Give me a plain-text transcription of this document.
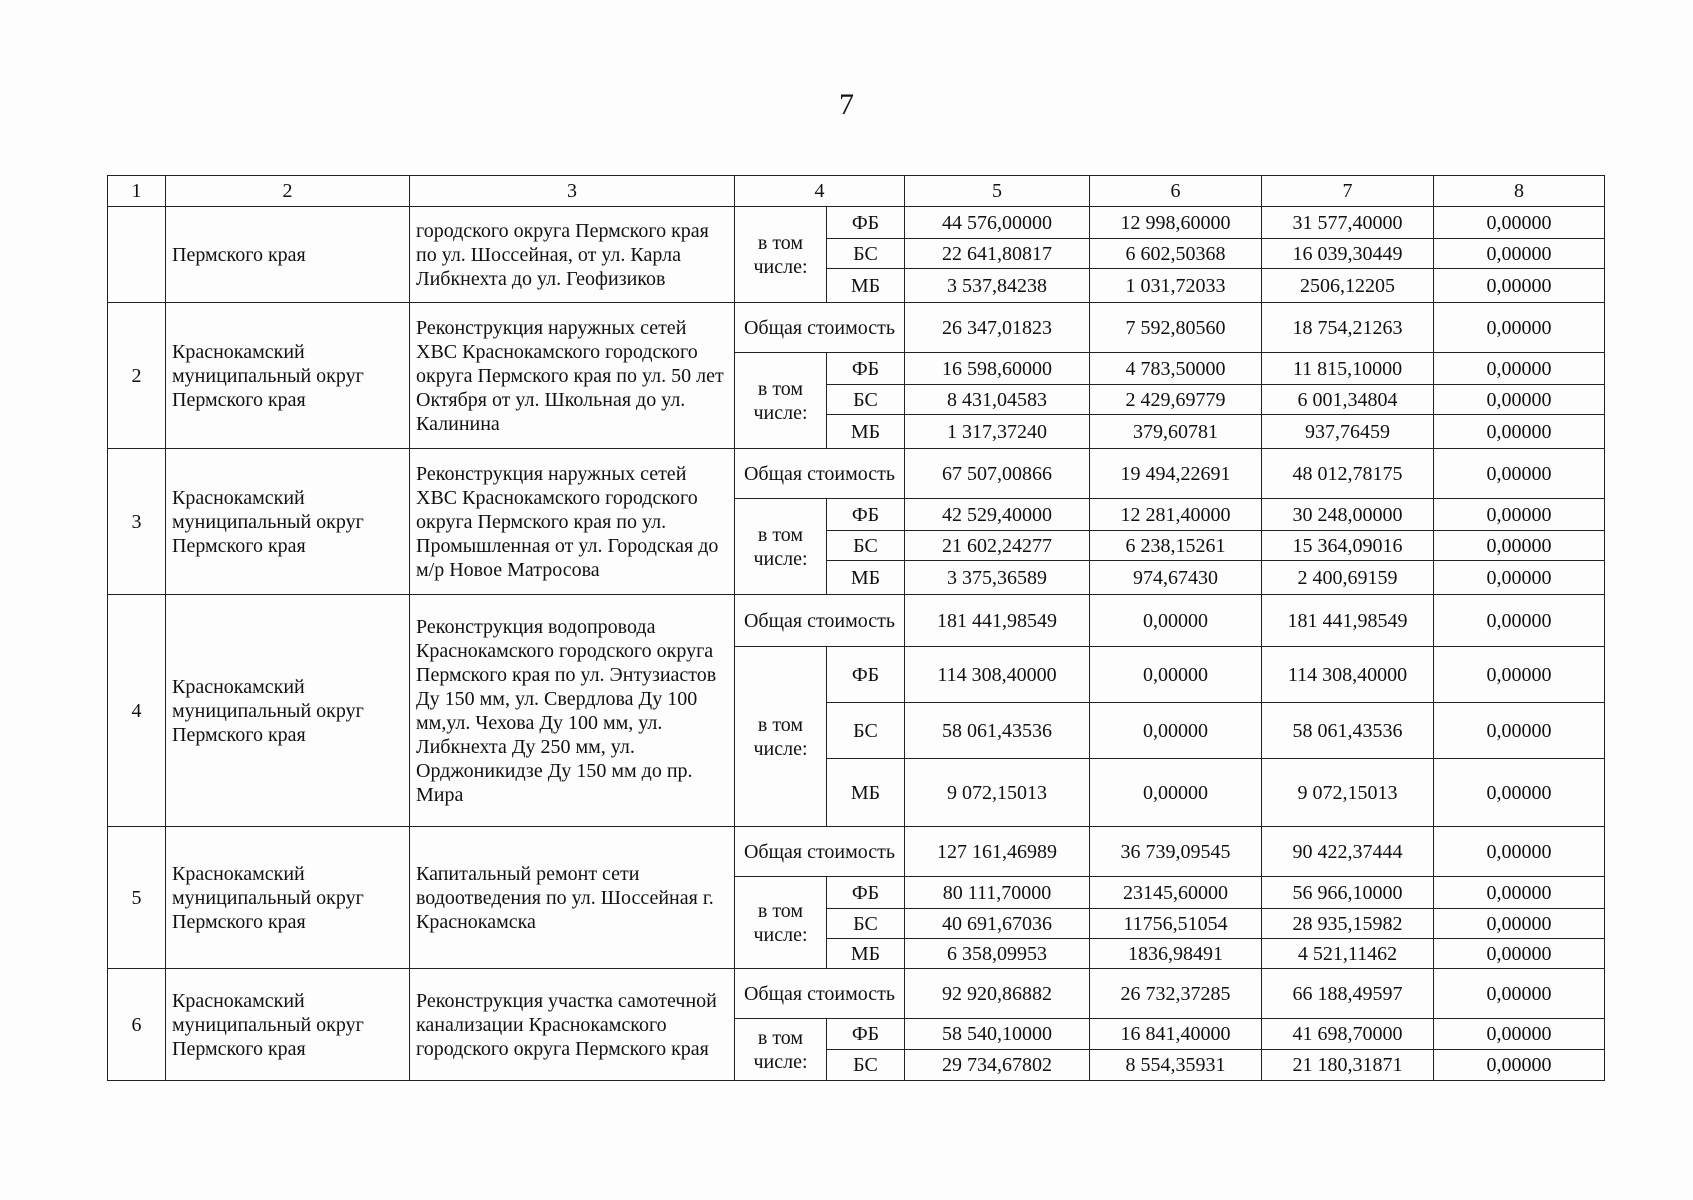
7
1	2	3	4		5	6	7	8
	Пермского края	городского округа Пермского края по ул. Шоссейная, от ул. Карла Либкнехта до ул. Геофизиков	в том числе:	ФБ	44 576,00000	12 998,60000	31 577,40000	0,00000
				БС	22 641,80817	6 602,50368	16 039,30449	0,00000
				МБ	3 537,84238	1 031,72033	2506,12205	0,00000
2	Краснокамский муниципальный округ Пермского края	Реконструкция наружных сетей ХВС Краснокамского городского округа Пермского края по ул. 50 лет Октября от ул. Школьная до ул. Калинина	Общая стоимость		26 347,01823	7 592,80560	18 754,21263	0,00000
			в том числе:	ФБ	16 598,60000	4 783,50000	11 815,10000	0,00000
				БС	8 431,04583	2 429,69779	6 001,34804	0,00000
				МБ	1 317,37240	379,60781	937,76459	0,00000
3	Краснокамский муниципальный округ Пермского края	Реконструкция наружных сетей ХВС Краснокамского городского округа Пермского края по ул. Промышленная от ул. Городская до м/р Новое Матросова	Общая стоимость		67 507,00866	19 494,22691	48 012,78175	0,00000
			в том числе:	ФБ	42 529,40000	12 281,40000	30 248,00000	0,00000
				БС	21 602,24277	6 238,15261	15 364,09016	0,00000
				МБ	3 375,36589	974,67430	2 400,69159	0,00000
4	Краснокамский муниципальный округ Пермского края	Реконструкция водопровода Краснокамского городского округа Пермского края по ул. Энтузиастов Ду 150 мм, ул. Свердлова Ду 100 мм,ул. Чехова Ду 100 мм, ул. Либкнехта Ду 250 мм, ул. Орджоникидзе Ду 150 мм до пр. Мира	Общая стоимость		181 441,98549	0,00000	181 441,98549	0,00000
			в том числе:	ФБ	114 308,40000	0,00000	114 308,40000	0,00000
				БС	58 061,43536	0,00000	58 061,43536	0,00000
				МБ	9 072,15013	0,00000	9 072,15013	0,00000
5	Краснокамский муниципальный округ Пермского края	Капитальный ремонт сети водоотведения по ул. Шоссейная г. Краснокамска	Общая стоимость		127 161,46989	36 739,09545	90 422,37444	0,00000
			в том числе:	ФБ	80 111,70000	23145,60000	56 966,10000	0,00000
				БС	40 691,67036	11756,51054	28 935,15982	0,00000
				МБ	6 358,09953	1836,98491	4 521,11462	0,00000
6	Краснокамский муниципальный округ Пермского края	Реконструкция участка самотечной канализации Краснокамского городского округа Пермского края	Общая стоимость		92 920,86882	26 732,37285	66 188,49597	0,00000
			в том числе:	ФБ	58 540,10000	16 841,40000	41 698,70000	0,00000
				БС	29 734,67802	8 554,35931	21 180,31871	0,00000
